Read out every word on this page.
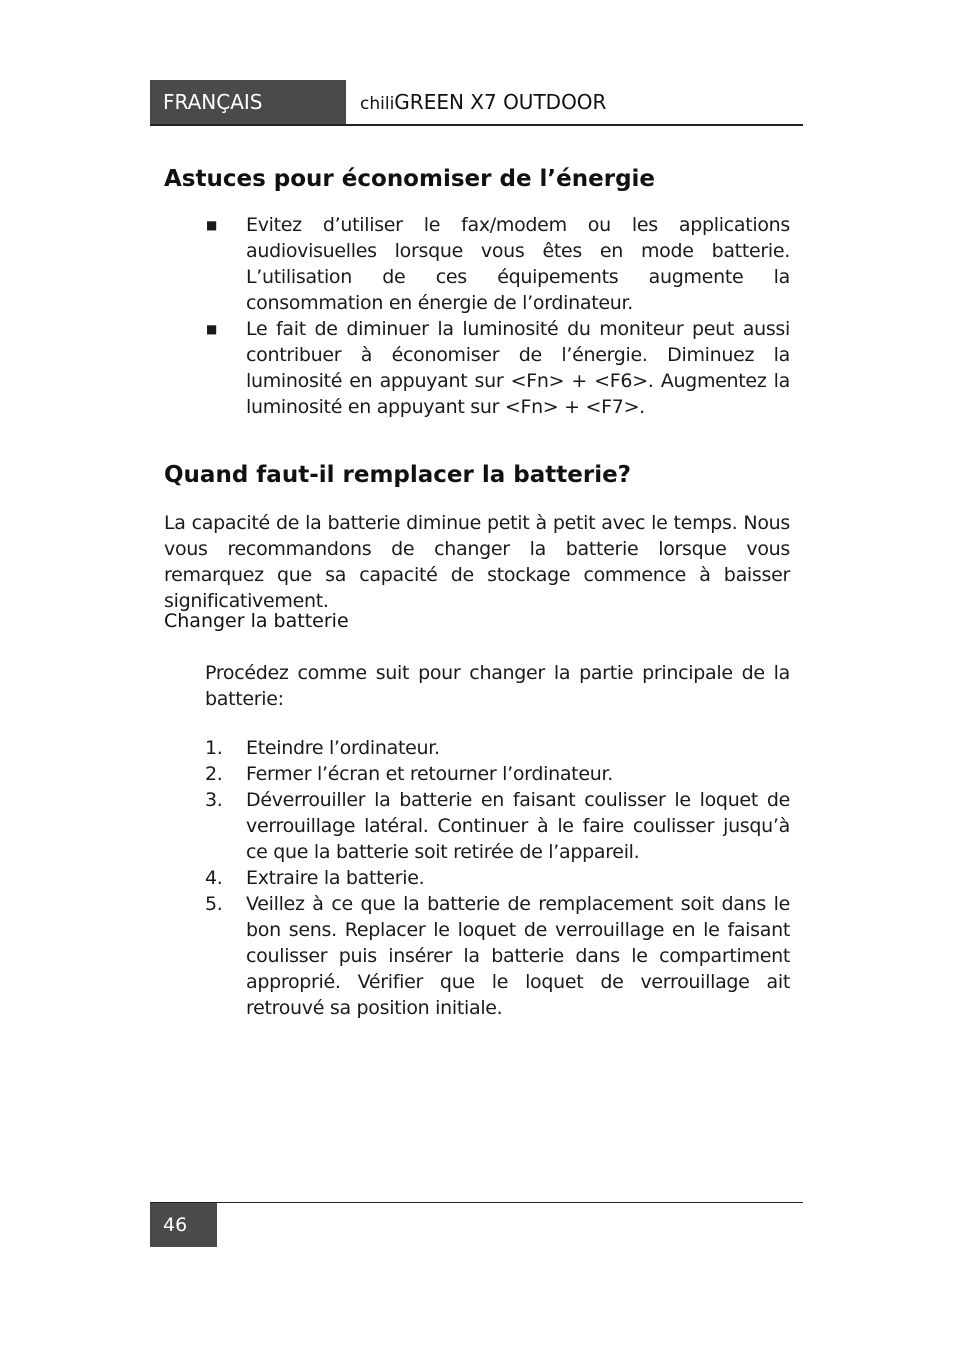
FRANÇAIS	chiliGREEN X7 OUTDOOR
Astuces pour économiser de l’énergie
■ Evitez d’utiliser le fax/modem ou les applications audiovisuelles lorsque vous êtes en mode batterie. L’utilisation de ces équipements augmente la consommation en énergie de l’ordinateur.
■ Le fait de diminuer la luminosité du moniteur peut aussi contribuer à économiser de l’énergie. Diminuez la luminosité en appuyant sur <Fn> + <F6>. Augmentez la luminosité en appuyant sur <Fn> + <F7>.
Quand faut-il remplacer la batterie?

La capacité de la batterie diminue petit à petit avec le temps. Nous vous recommandons de changer la batterie lorsque vous remarquez que sa capacité de stockage commence à baisser significativement.

Changer la batterie

Procédez comme suit pour changer la partie principale de la batterie:

1. Eteindre l’ordinateur.
2. Fermer l’écran et retourner l’ordinateur.
3. Déverrouiller la batterie en faisant coulisser le loquet de verrouillage latéral. Continuer à le faire coulisser jusqu’à ce que la batterie soit retirée de l’appareil.
4. Extraire la batterie.
5. Veillez à ce que la batterie de remplacement soit dans le bon sens. Replacer le loquet de verrouillage en le faisant coulisser puis insérer la batterie dans le compartiment approprié. Vérifier que le loquet de verrouillage ait retrouvé sa position initiale.
46
